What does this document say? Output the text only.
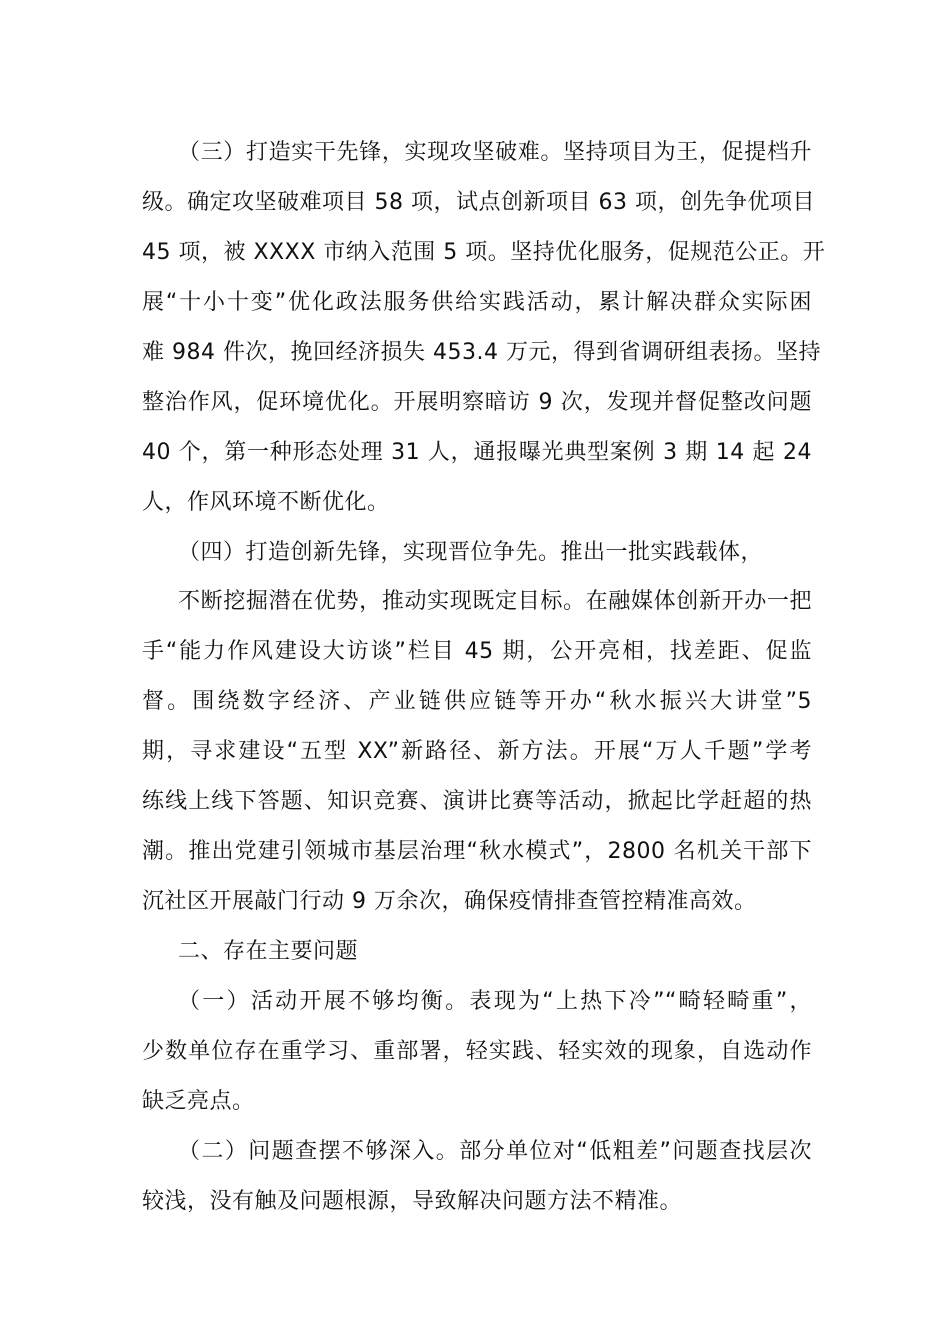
（三）打造实干先锋，实现攻坚破难。坚持项目为王，促提档升

级。确定攻坚破难项目 58 项，试点创新项目 63 项，创先争优项目

45 项，被 XXXX 市纳入范围 5 项。坚持优化服务，促规范公正。开

展“十小十变”优化政法服务供给实践活动，累计解决群众实际困

难 984 件次，挽回经济损失 453.4 万元，得到省调研组表扬。坚持

整治作风，促环境优化。开展明察暗访 9 次，发现并督促整改问题

40 个，第一种形态处理 31 人，通报曝光典型案例 3 期 14 起 24

人，作风环境不断优化。

（四）打造创新先锋，实现晋位争先。推出一批实践载体，

不断挖掘潜在优势，推动实现既定目标。在融媒体创新开办一把

手“能力作风建设大访谈”栏目 45 期，公开亮相，找差距、促监

督。围绕数字经济、产业链供应链等开办“秋水振兴大讲堂”5

期，寻求建设“五型 XX”新路径、新方法。开展“万人千题”学考

练线上线下答题、知识竞赛、演讲比赛等活动，掀起比学赶超的热

潮。推出党建引领城市基层治理“秋水模式”，2800 名机关干部下

沉社区开展敲门行动 9 万余次，确保疫情排查管控精准高效。

二、存在主要问题

（一）活动开展不够均衡。表现为“上热下冷”“畸轻畸重”，

少数单位存在重学习、重部署，轻实践、轻实效的现象，自选动作

缺乏亮点。

（二）问题查摆不够深入。部分单位对“低粗差”问题查找层次

较浅，没有触及问题根源，导致解决问题方法不精准。
